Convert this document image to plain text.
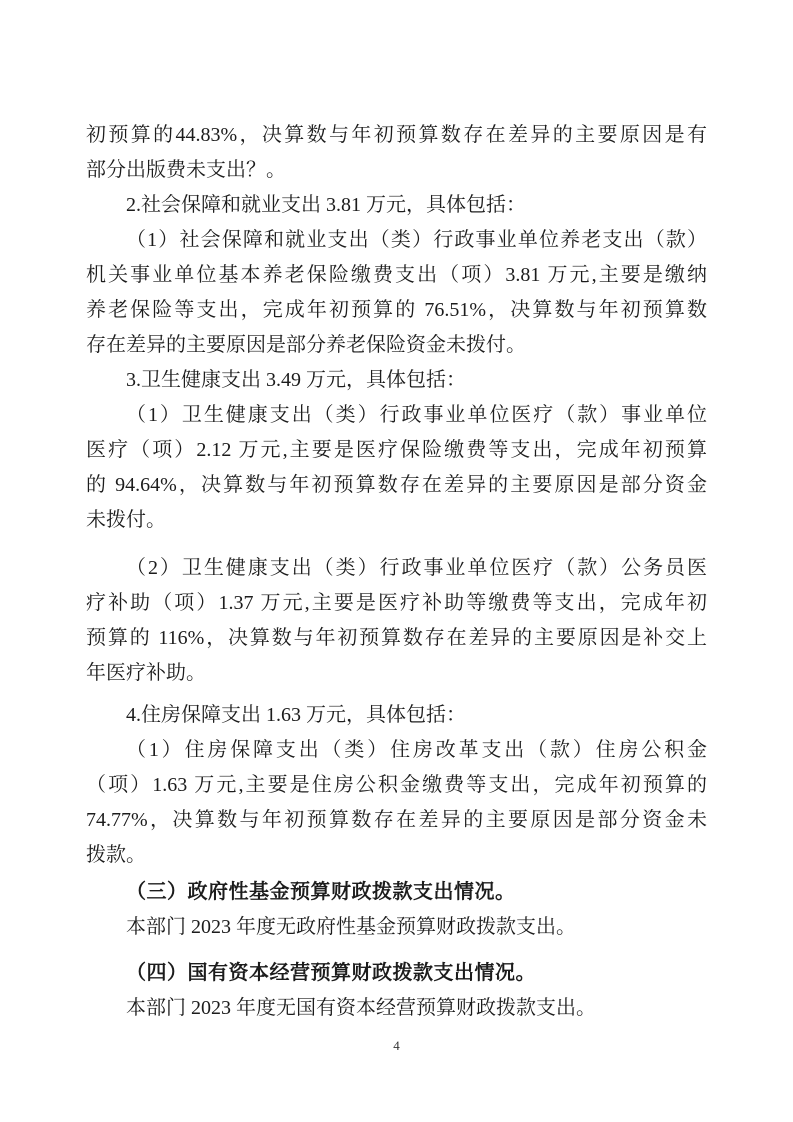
初预算的44.83%，决算数与年初预算数存在差异的主要原因是有
部分出版费未支出？。
2.社会保障和就业支出 3.81 万元，具体包括：
（1）社会保障和就业支出（类）行政事业单位养老支出（款）
机关事业单位基本养老保险缴费支出（项）3.81 万元,主要是缴纳
养老保险等支出，完成年初预算的 76.51%，决算数与年初预算数
存在差异的主要原因是部分养老保险资金未拨付。
3.卫生健康支出 3.49 万元，具体包括：
（1）卫生健康支出（类）行政事业单位医疗（款）事业单位
医疗（项）2.12 万元,主要是医疗保险缴费等支出，完成年初预算
的 94.64%，决算数与年初预算数存在差异的主要原因是部分资金
未拨付。
（2）卫生健康支出（类）行政事业单位医疗（款）公务员医
疗补助（项）1.37 万元,主要是医疗补助等缴费等支出，完成年初
预算的 116%，决算数与年初预算数存在差异的主要原因是补交上
年医疗补助。
4.住房保障支出 1.63 万元，具体包括：
（1）住房保障支出（类）住房改革支出（款）住房公积金
（项）1.63 万元,主要是住房公积金缴费等支出，完成年初预算的
74.77%，决算数与年初预算数存在差异的主要原因是部分资金未
拨款。
（三）政府性基金预算财政拨款支出情况。
本部门 2023 年度无政府性基金预算财政拨款支出。
（四）国有资本经营预算财政拨款支出情况。
本部门 2023 年度无国有资本经营预算财政拨款支出。
4
